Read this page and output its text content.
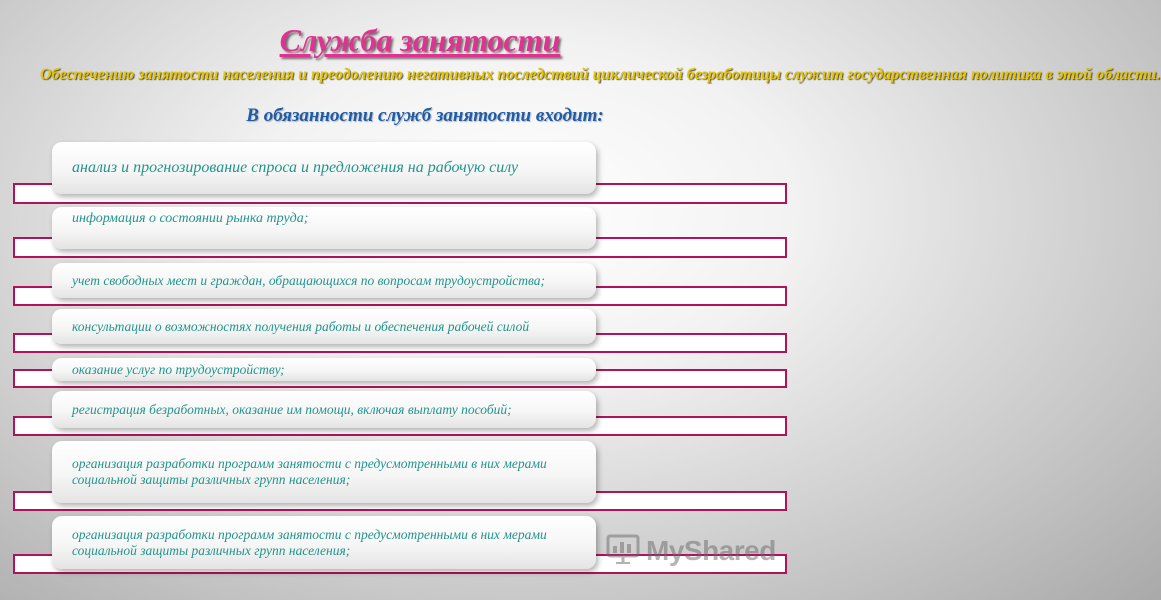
Служба занятости

Обеспечению занятости населения и преодолению негативных последствий циклической безработицы служит государственная политика в этой области.

В обязанности служб занятости входит:
анализ и прогнозирование спроса и предложения на рабочую силу
информация о состоянии рынка труда;
учет свободных мест и граждан, обращающихся по вопросам трудоустройства;
консультации о возможностях получения работы и обеспечения рабочей силой
оказание услуг по трудоустройству;
регистрация безработных, оказание им помощи, включая выплату пособий;
организация разработки программ занятости с предусмотренными в них мерами социальной защиты различных групп населения;
организация разработки программ занятости с предусмотренными в них мерами социальной защиты различных групп населения;	MyShared
